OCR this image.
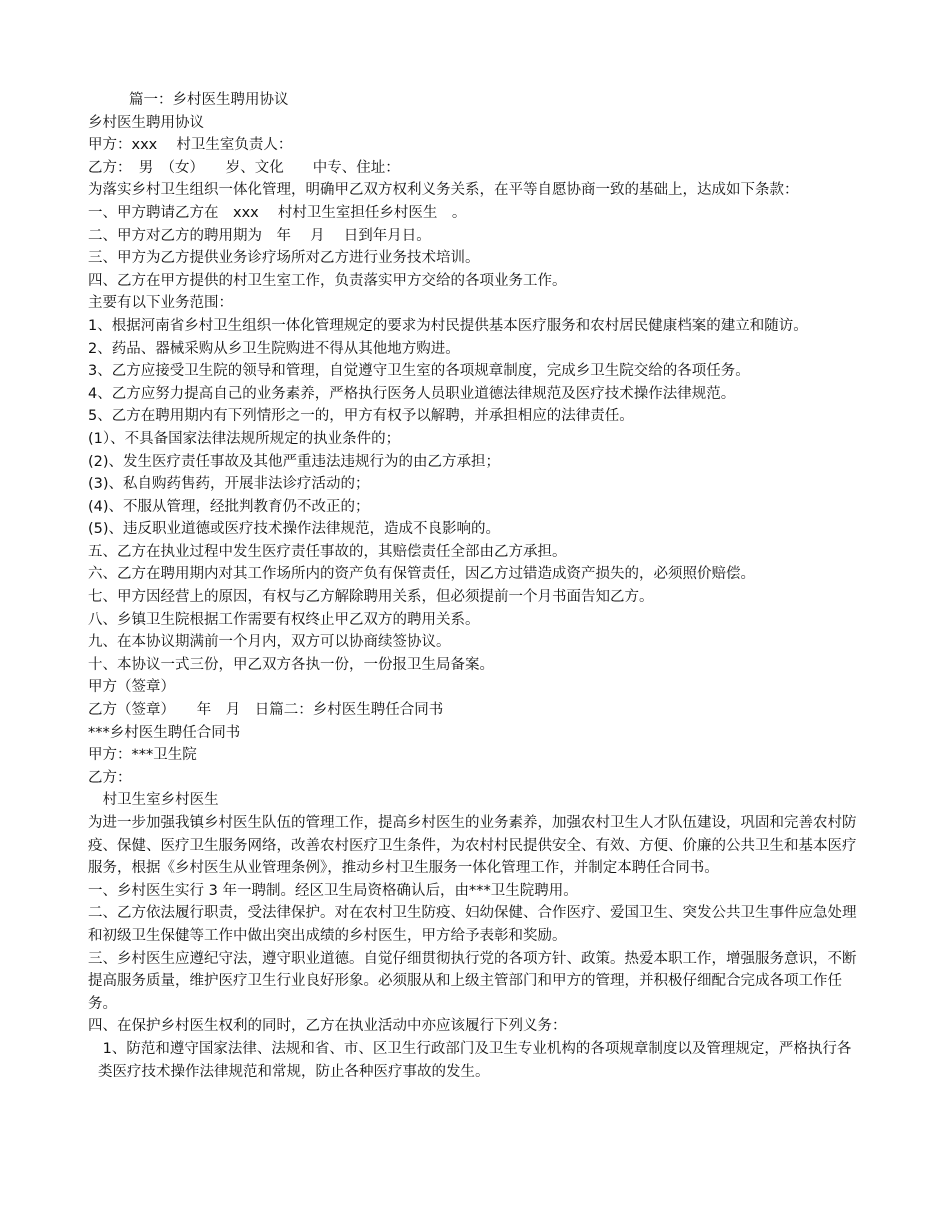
篇一：乡村医生聘用协议

乡村医生聘用协议

甲方：xxx　 村卫生室负责人：

乙方：　男　（女）　　岁、文化　　中专、住址：

为落实乡村卫生组织一体化管理，明确甲乙双方权利义务关系，在平等自愿协商一致的基础上，达成如下条款：

一、甲方聘请乙方在　xxx　 村村卫生室担任乡村医生　。

二、甲方对乙方的聘用期为　年　 月　 日到年月日。

三、甲方为乙方提供业务诊疗场所对乙方进行业务技术培训。

四、乙方在甲方提供的村卫生室工作，负责落实甲方交给的各项业务工作。

主要有以下业务范围：

1、根据河南省乡村卫生组织一体化管理规定的要求为村民提供基本医疗服务和农村居民健康档案的建立和随访。

2、药品、器械采购从乡卫生院购进不得从其他地方购进。

3、乙方应接受卫生院的领导和管理，自觉遵守卫生室的各项规章制度，完成乡卫生院交给的各项任务。

4、乙方应努力提高自己的业务素养，严格执行医务人员职业道德法律规范及医疗技术操作法律规范。

5、乙方在聘用期内有下列情形之一的，甲方有权予以解聘，并承担相应的法律责任。

(1）、不具备国家法律法规所规定的执业条件的；

(2)、发生医疗责任事故及其他严重违法违规行为的由乙方承担；

(3)、私自购药售药，开展非法诊疗活动的；

(4)、不服从管理，经批判教育仍不改正的；

(5)、违反职业道德或医疗技术操作法律规范，造成不良影响的。

五、乙方在执业过程中发生医疗责任事故的，其赔偿责任全部由乙方承担。

六、乙方在聘用期内对其工作场所内的资产负有保管责任，因乙方过错造成资产损失的，必须照价赔偿。

七、甲方因经营上的原因，有权与乙方解除聘用关系，但必须提前一个月书面告知乙方。

八、乡镇卫生院根据工作需要有权终止甲乙双方的聘用关系。

九、在本协议期满前一个月内，双方可以协商续签协议。

十、本协议一式三份，甲乙双方各执一份，一份报卫生局备案。

甲方（签章）

乙方（签章）　　年　月　日篇二：乡村医生聘任合同书

***乡村医生聘任合同书

甲方：***卫生院

乙方：

村卫生室乡村医生

为进一步加强我镇乡村医生队伍的管理工作，提高乡村医生的业务素养，加强农村卫生人才队伍建设，巩固和完善农村防疫、保健、医疗卫生服务网络，改善农村医疗卫生条件，为农村村民提供安全、有效、方便、价廉的公共卫生和基本医疗服务，根据《乡村医生从业管理条例》，推动乡村卫生服务一体化管理工作，并制定本聘任合同书。

一、乡村医生实行 3 年一聘制。经区卫生局资格确认后，由***卫生院聘用。

二、乙方依法履行职责，受法律保护。对在农村卫生防疫、妇幼保健、合作医疗、爱国卫生、突发公共卫生事件应急处理和初级卫生保健等工作中做出突出成绩的乡村医生，甲方给予表彰和奖励。

三、乡村医生应遵纪守法，遵守职业道德。自觉仔细贯彻执行党的各项方针、政策。热爱本职工作，增强服务意识，不断提高服务质量，维护医疗卫生行业良好形象。必须服从和上级主管部门和甲方的管理，并积极仔细配合完成各项工作任务。

四、在保护乡村医生权利的同时，乙方在执业活动中亦应该履行下列义务：

1、防范和遵守国家法律、法规和省、市、区卫生行政部门及卫生专业机构的各项规章制度以及管理规定，严格执行各类医疗技术操作法律规范和常规，防止各种医疗事故的发生。
